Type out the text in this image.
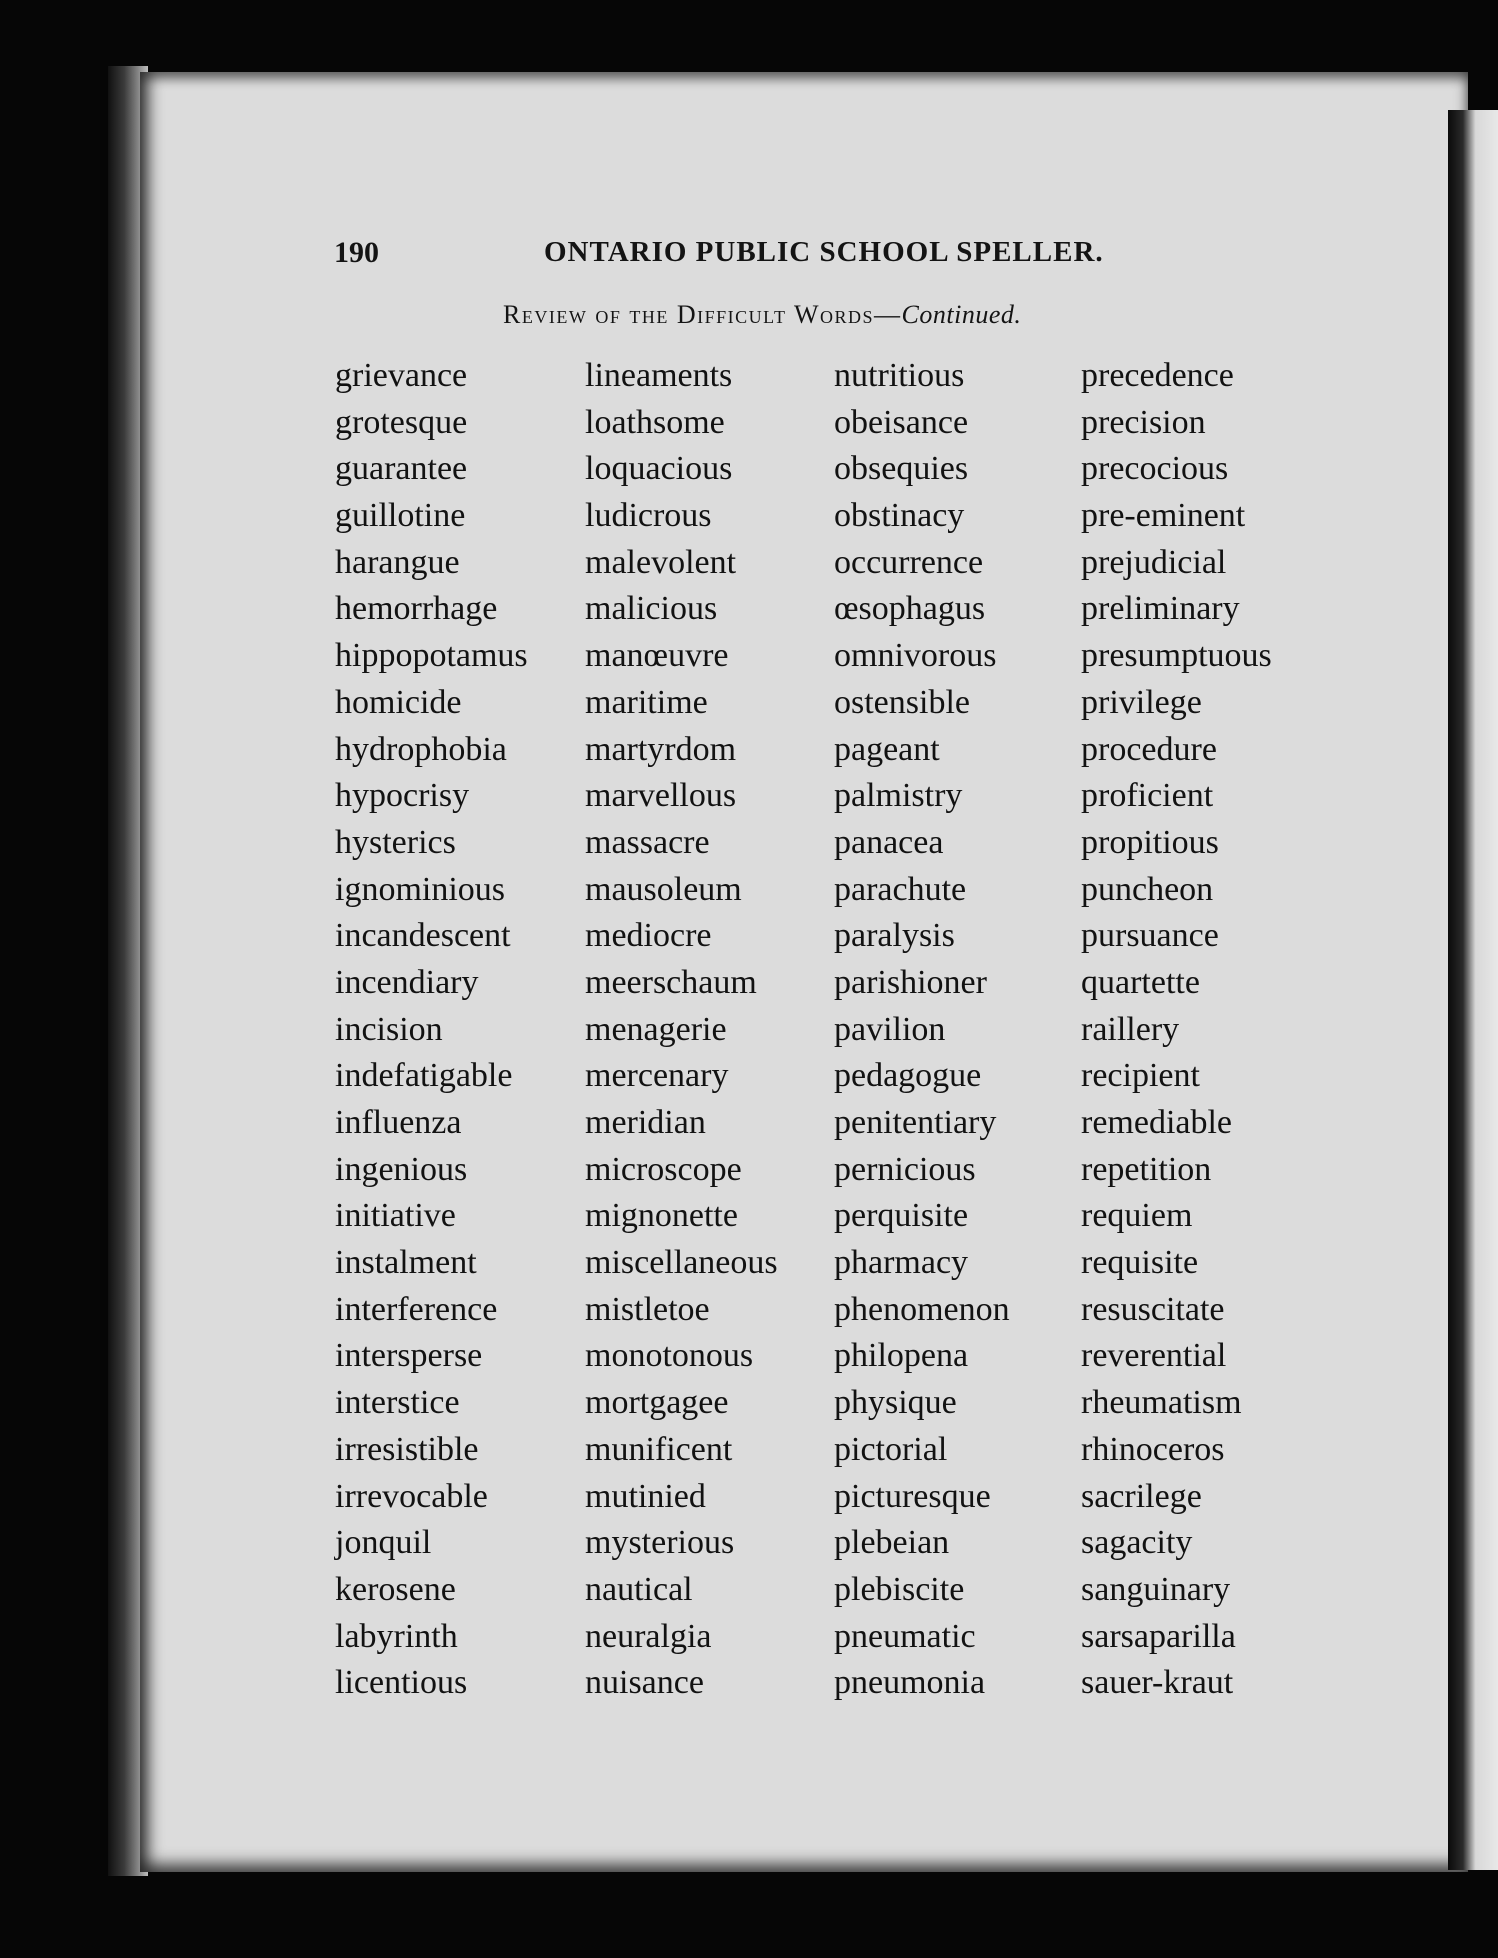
190	ONTARIO PUBLIC SCHOOL SPELLER.
Review of the Difficult Words—Continued.
grievance
grotesque
guarantee
guillotine
harangue
hemorrhage
hippopotamus
homicide
hydrophobia
hypocrisy
hysterics
ignominious
incandescent
incendiary
incision
indefatigable
influenza
ingenious
initiative
instalment
interference
intersperse
interstice
irresistible
irrevocable
jonquil
kerosene
labyrinth
licentious
lineaments
loathsome
loquacious
ludicrous
malevolent
malicious
manœuvre
maritime
martyrdom
marvellous
massacre
mausoleum
mediocre
meerschaum
menagerie
mercenary
meridian
microscope
mignonette
miscellaneous
mistletoe
monotonous
mortgagee
munificent
mutinied
mysterious
nautical
neuralgia
nuisance
nutritious
obeisance
obsequies
obstinacy
occurrence
œsophagus
omnivorous
ostensible
pageant
palmistry
panacea
parachute
paralysis
parishioner
pavilion
pedagogue
penitentiary
pernicious
perquisite
pharmacy
phenomenon
philopena
physique
pictorial
picturesque
plebeian
plebiscite
pneumatic
pneumonia
precedence
precision
precocious
pre-eminent
prejudicial
preliminary
presumptuous
privilege
procedure
proficient
propitious
puncheon
pursuance
quartette
raillery
recipient
remediable
repetition
requiem
requisite
resuscitate
reverential
rheumatism
rhinoceros
sacrilege
sagacity
sanguinary
sarsaparilla
sauer-kraut
